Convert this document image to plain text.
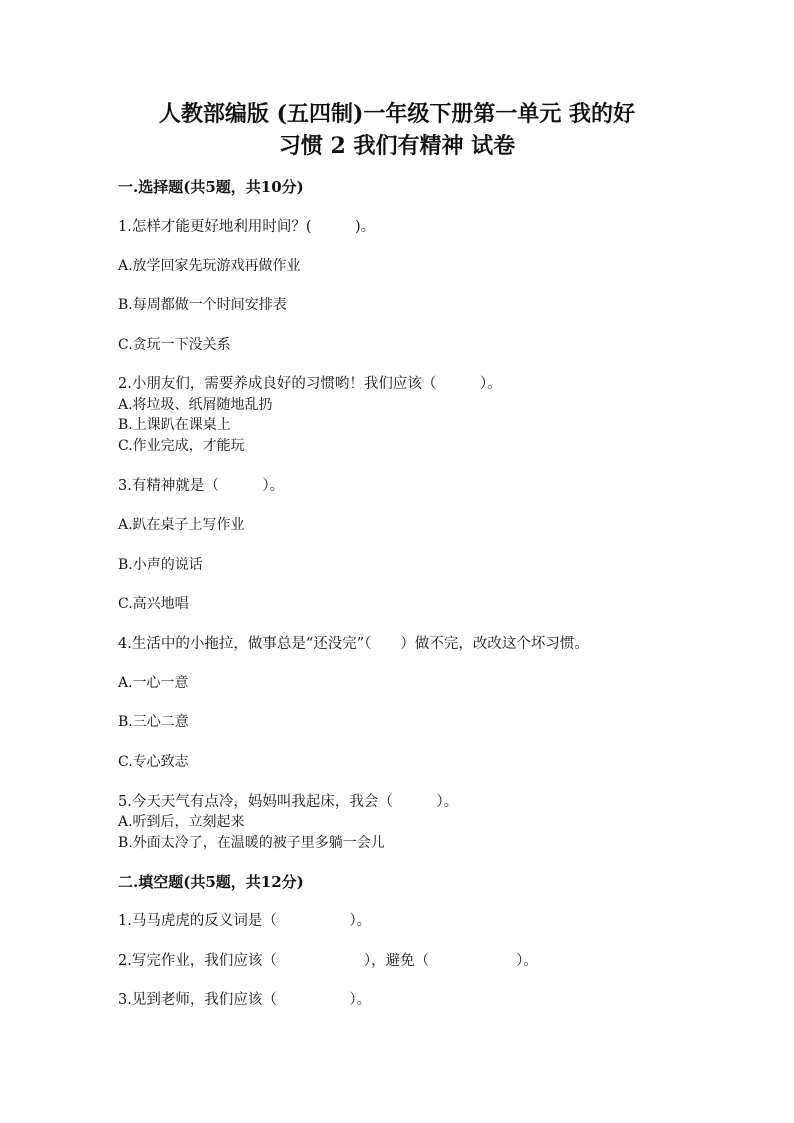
人教部编版 (五四制)一年级下册第一单元 我的好
习惯 2 我们有精神 试卷
一.选择题(共5题，共10分)
1.怎样才能更好地利用时间？(　　　)。
A.放学回家先玩游戏再做作业
B.每周都做一个时间安排表
C.贪玩一下没关系
2.小朋友们，需要养成良好的习惯哟！我们应该（　　　）。
A.将垃圾、纸屑随地乱扔
B.上课趴在课桌上
C.作业完成，才能玩
3.有精神就是（　　　）。
A.趴在桌子上写作业
B.小声的说话
C.高兴地唱
4.生活中的小拖拉，做事总是“还没完”（　　）做不完，改改这个坏习惯。
A.一心一意
B.三心二意
C.专心致志
5.今天天气有点冷，妈妈叫我起床，我会（　　　）。
A.听到后，立刻起来
B.外面太冷了，在温暖的被子里多躺一会儿
二.填空题(共5题，共12分)
1.马马虎虎的反义词是（　　　　　）。
2.写完作业，我们应该（　　　　　　），避免（　　　　　　）。
3.见到老师，我们应该（　　　　　）。
